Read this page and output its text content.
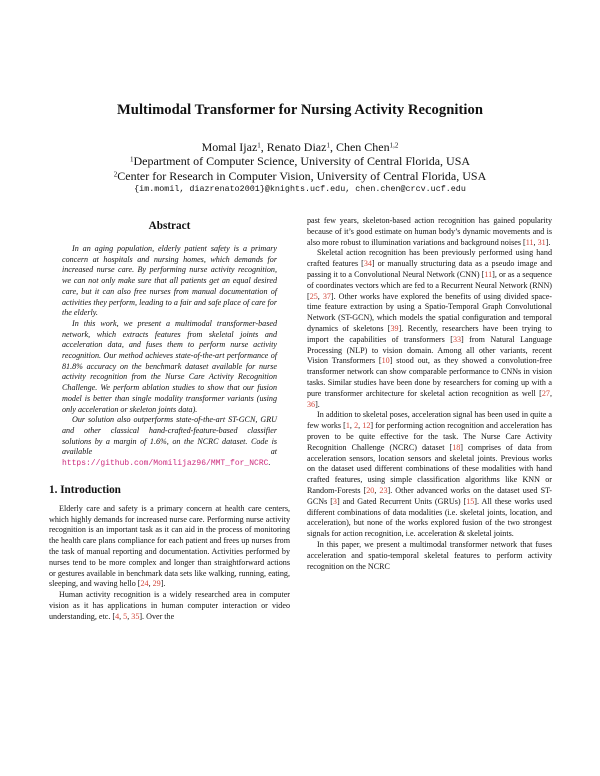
Multimodal Transformer for Nursing Activity Recognition
Momal Ijaz$^1$, Renato Diaz$^1$, Chen Chen$^{1,2}$
$^1$Department of Computer Science, University of Central Florida, USA
$^2$Center for Research in Computer Vision, University of Central Florida, USA
{im.momil, diazrenato2001}@knights.ucf.edu, chen.chen@crcv.ucf.edu
Abstract

In an aging population, elderly patient safety is a primary concern at hospitals and nursing homes, which demands for increased nurse care. By performing nurse activity recognition, we can not only make sure that all patients get an equal desired care, but it can also free nurses from manual documentation of activities they perform, leading to a fair and safe place of care for the elderly.

In this work, we present a multimodal transformer-based network, which extracts features from skeletal joints and acceleration data, and fuses them to perform nurse activity recognition. Our method achieves state-of-the-art performance of 81.8% accuracy on the benchmark dataset available for nurse activity recognition from the Nurse Care Activity Recognition Challenge. We perform ablation studies to show that our fusion model is better than single modality transformer variants (using only acceleration or skeleton joints data).

Our solution also outperforms state-of-the-art ST-GCN, GRU and other classical hand-crafted-feature-based classifier solutions by a margin of 1.6%, on the NCRC dataset. Code is available at https://github.com/Momilijaz96/MMT_for_NCRC.

1. Introduction

Elderly care and safety is a primary concern at health care centers, which highly demands for increased nurse care. Performing nurse activity recognition is an important task as it can aid in the process of monitoring the health care plans compliance for each patient and frees up nurses from the task of manual reporting and documentation. Activities performed by nurses tend to be more complex and longer than straightforward actions or gestures available in benchmark data sets like walking, running, eating, sleeping, and waving hello [24, 29].

Human activity recognition is a widely researched area in computer vision as it has applications in human computer interaction or video understanding, etc. [4, 5, 35]. Over the

past few years, skeleton-based action recognition has gained popularity because of it’s good estimate on human body’s dynamic movements and is also more robust to illumination variations and background noises [11, 31].

Skeletal action recognition has been previously performed using hand crafted features [34] or manually structuring data as a pseudo image and passing it to a Convolutional Neural Network (CNN) [11], or as a sequence of coordinates vectors which are fed to a Recurrent Neural Network (RNN) [25, 37]. Other works have explored the benefits of using divided space-time feature extraction by using a Spatio-Temporal Graph Convolutional Network (ST-GCN), which models the spatial configuration and temporal dynamics of skeletons [39]. Recently, researchers have been trying to import the capabilities of transformers [33] from Natural Language Processing (NLP) to vision domain. Among all other variants, recent Vision Transformers [10] stood out, as they showed a convolution-free transformer network can show comparable performance to CNNs in vision tasks. Similar studies have been done by researchers for coming up with a pure transformer architecture for skeletal action recognition as well [27, 36].

In addition to skeletal poses, acceleration signal has been used in quite a few works [1, 2, 12] for performing action recognition and acceleration has proven to be quite effective for the task. The Nurse Care Activity Recognition Challenge (NCRC) dataset [18] comprises of data from acceleration sensors, location sensors and skeletal joints. Previous works on the dataset used different combinations of these modalities with hand crafted features, using simple classification algorithms like KNN or Random-Forests [20, 23]. Other advanced works on the dataset used ST-GCNs [3] and Gated Recurrent Units (GRUs) [15]. All these works used different combinations of data modalities (i.e. skeletal joints, location, and acceleration), but none of the works explored fusion of the two strongest signals for action recognition, i.e. acceleration & skeletal joints.

In this paper, we present a multimodal transformer network that fuses acceleration and spatio-temporal skeletal features to perform activity recognition on the NCRC
